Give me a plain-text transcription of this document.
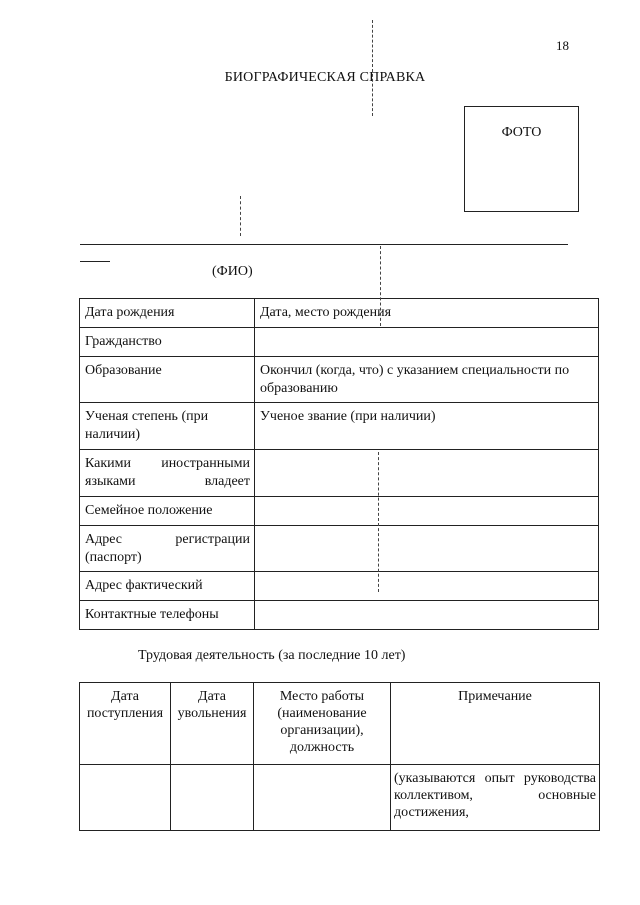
18
БИОГРАФИЧЕСКАЯ СПРАВКА
ФОТО
(ФИО)
Дата рождения	Дата, место рождения
Гражданство	
Образование	Окончил (когда, что) с указанием специальности по образованию
Ученая степень (при наличии)	Ученое звание (при наличии)
Какими иностранными языками владеет	
Семейное положение	
Адрес регистрации (паспорт)	
Адрес фактический	
Контактные телефоны	
Трудовая деятельность (за последние 10 лет)
Дата поступления	Дата увольнения	Место работы (наименование организации), должность	Примечание
			(указываются опыт руководства коллективом, основные достижения,
